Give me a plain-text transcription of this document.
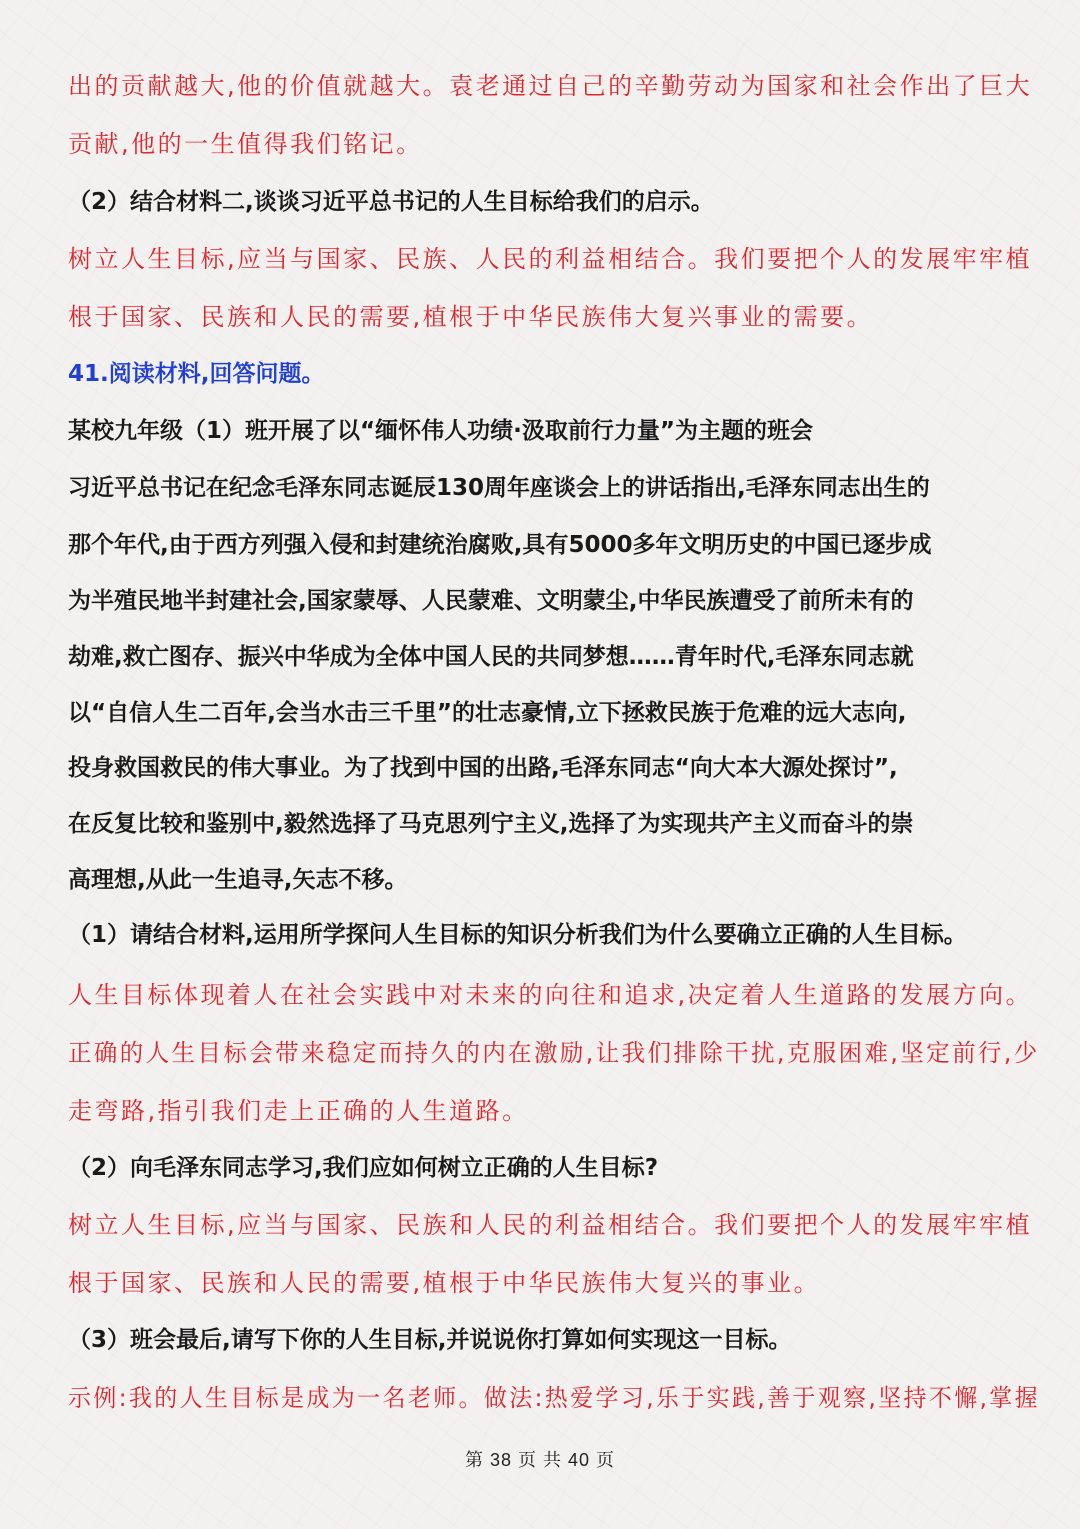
出的贡献越大,他的价值就越大。袁老通过自己的辛勤劳动为国家和社会作出了巨大
贡献,他的一生值得我们铭记。
（2）结合材料二,谈谈习近平总书记的人生目标给我们的启示。
树立人生目标,应当与国家、民族、人民的利益相结合。我们要把个人的发展牢牢植
根于国家、民族和人民的需要,植根于中华民族伟大复兴事业的需要。
41.阅读材料,回答问题。
某校九年级（1）班开展了以“缅怀伟人功绩·汲取前行力量”为主题的班会
习近平总书记在纪念毛泽东同志诞辰130周年座谈会上的讲话指出,毛泽东同志出生的
那个年代,由于西方列强入侵和封建统治腐败,具有5000多年文明历史的中国已逐步成
为半殖民地半封建社会,国家蒙辱、人民蒙难、文明蒙尘,中华民族遭受了前所未有的
劫难,救亡图存、振兴中华成为全体中国人民的共同梦想……青年时代,毛泽东同志就
以“自信人生二百年,会当水击三千里”的壮志豪情,立下拯救民族于危难的远大志向,
投身救国救民的伟大事业。为了找到中国的出路,毛泽东同志“向大本大源处探讨”,
在反复比较和鉴别中,毅然选择了马克思列宁主义,选择了为实现共产主义而奋斗的崇
高理想,从此一生追寻,矢志不移。
（1）请结合材料,运用所学探问人生目标的知识分析我们为什么要确立正确的人生目标。
人生目标体现着人在社会实践中对未来的向往和追求,决定着人生道路的发展方向。
正确的人生目标会带来稳定而持久的内在激励,让我们排除干扰,克服困难,坚定前行,少
走弯路,指引我们走上正确的人生道路。
（2）向毛泽东同志学习,我们应如何树立正确的人生目标?
树立人生目标,应当与国家、民族和人民的利益相结合。我们要把个人的发展牢牢植
根于国家、民族和人民的需要,植根于中华民族伟大复兴的事业。
（3）班会最后,请写下你的人生目标,并说说你打算如何实现这一目标。
示例:我的人生目标是成为一名老师。做法:热爱学习,乐于实践,善于观察,坚持不懈,掌握
第 38 页 共 40 页
